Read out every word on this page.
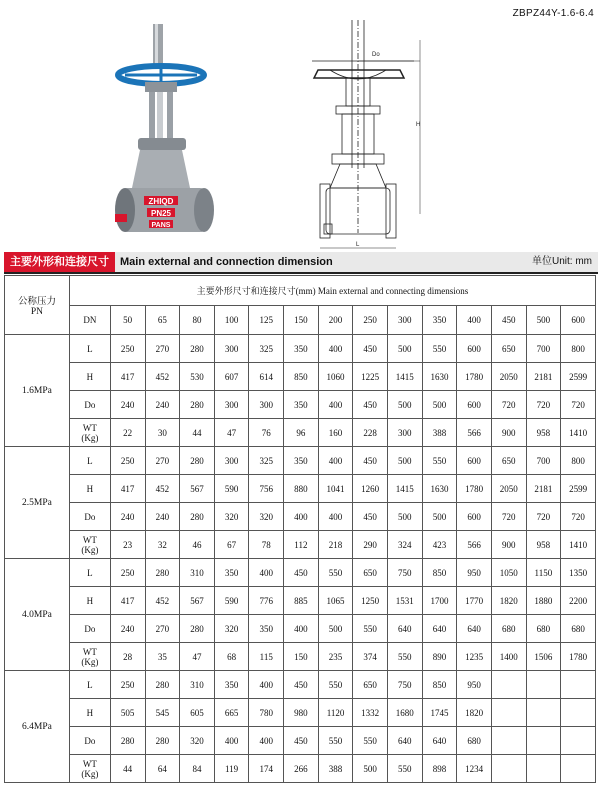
ZBPZ44Y-1.6-6.4
ZHIQD
PN25
PANS
Do
H
L
主要外形和连接尺寸	Main external and connection dimension	单位Unit: mm
公称压力
PN	主要外形尺寸和连接尺寸(mm) Main external and connecting dimensions														
	DN	50	65	80	100	125	150	200	250	300	350	400	450	500	600
1.6MPa	L	250	270	280	300	325	350	400	450	500	550	600	650	700	800
	H	417	452	530	607	614	850	1060	1225	1415	1630	1780	2050	2181	2599
	Do	240	240	280	300	300	350	400	450	500	500	600	720	720	720
	WT
(Kg)	22	30	44	47	76	96	160	228	300	388	566	900	958	1410
2.5MPa	L	250	270	280	300	325	350	400	450	500	550	600	650	700	800
	H	417	452	567	590	756	880	1041	1260	1415	1630	1780	2050	2181	2599
	Do	240	240	280	320	320	400	400	450	500	500	600	720	720	720
	WT
(Kg)	23	32	46	67	78	112	218	290	324	423	566	900	958	1410
4.0MPa	L	250	280	310	350	400	450	550	650	750	850	950	1050	1150	1350
	H	417	452	567	590	776	885	1065	1250	1531	1700	1770	1820	1880	2200
	Do	240	270	280	320	350	400	500	550	640	640	640	680	680	680
	WT
(Kg)	28	35	47	68	115	150	235	374	550	890	1235	1400	1506	1780
6.4MPa	L	250	280	310	350	400	450	550	650	750	850	950			
	H	505	545	605	665	780	980	1120	1332	1680	1745	1820			
	Do	280	280	320	400	400	450	550	550	640	640	680			
	WT
(Kg)	44	64	84	119	174	266	388	500	550	898	1234			
